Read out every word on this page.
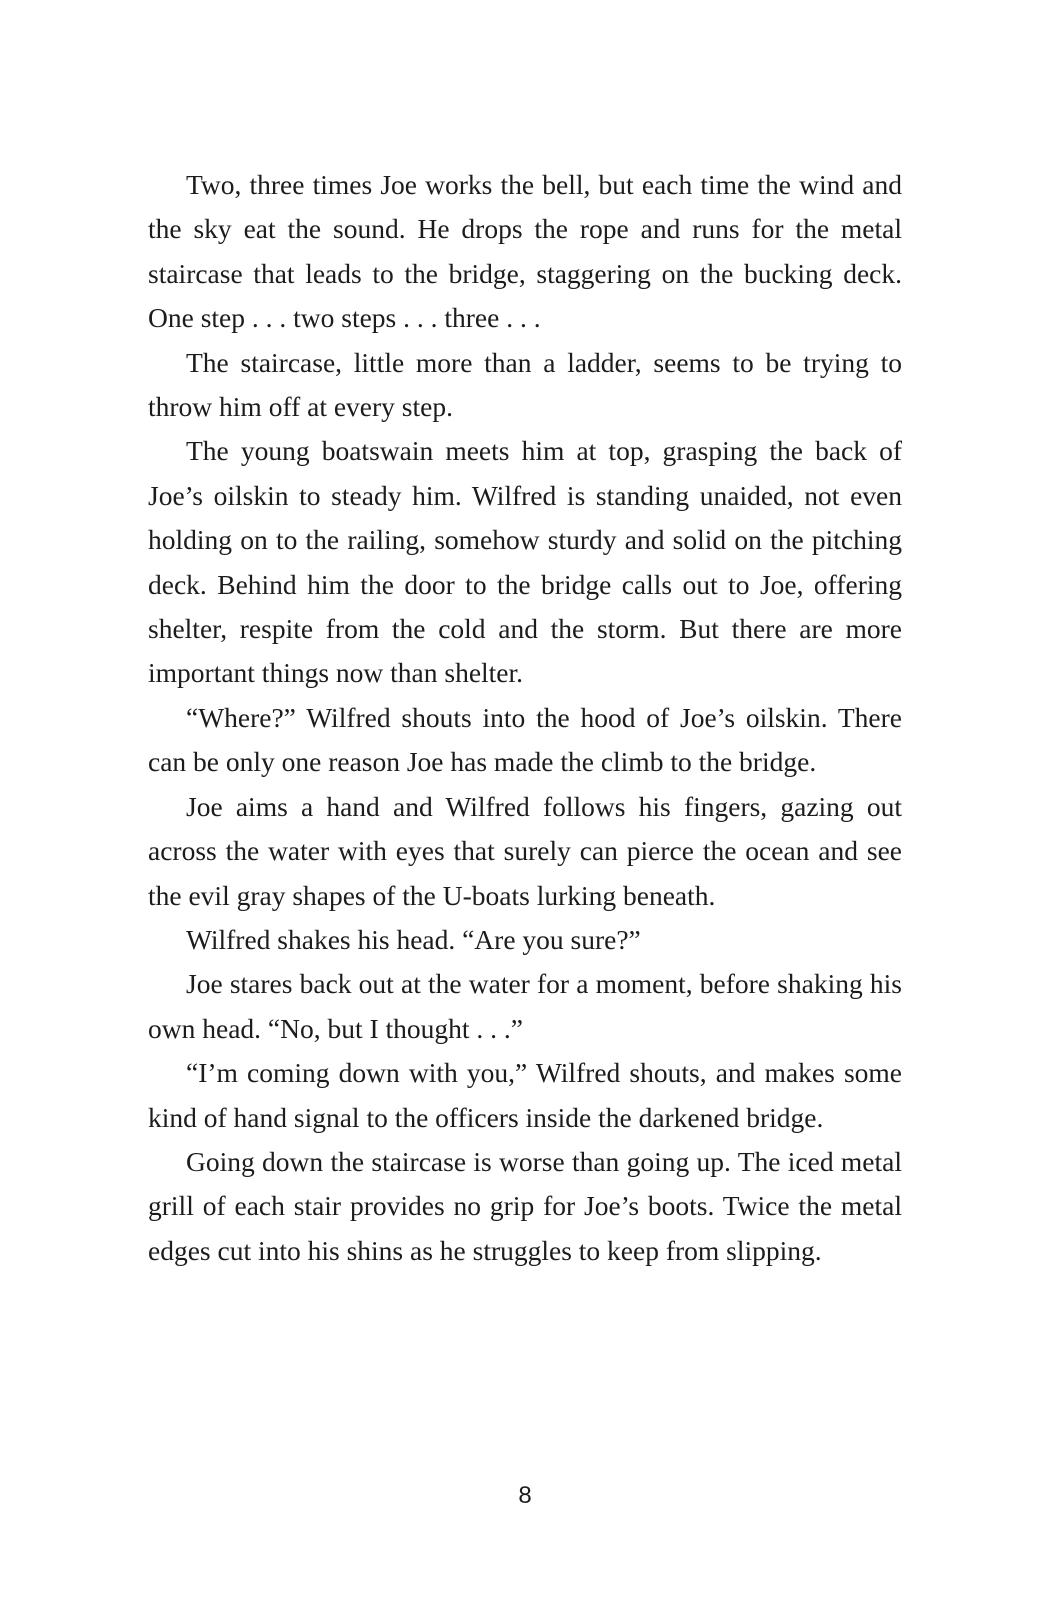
Two, three times Joe works the bell, but each time the wind and the sky eat the sound. He drops the rope and runs for the metal staircase that leads to the bridge, staggering on the bucking deck. One step . . . two steps . . . three . . .

The staircase, little more than a ladder, seems to be trying to throw him off at every step.

The young boatswain meets him at top, grasping the back of Joe’s oilskin to steady him. Wilfred is standing unaided, not even holding on to the railing, somehow sturdy and solid on the pitching deck. Behind him the door to the bridge calls out to Joe, offering shelter, respite from the cold and the storm. But there are more important things now than shelter.

“Where?” Wilfred shouts into the hood of Joe’s oilskin. There can be only one reason Joe has made the climb to the bridge.

Joe aims a hand and Wilfred follows his fingers, gazing out across the water with eyes that surely can pierce the ocean and see the evil gray shapes of the U-boats lurking beneath.

Wilfred shakes his head. “Are you sure?”

Joe stares back out at the water for a moment, before shaking his own head. “No, but I thought . . .”

“I’m coming down with you,” Wilfred shouts, and makes some kind of hand signal to the officers inside the darkened bridge.

Going down the staircase is worse than going up. The iced metal grill of each stair provides no grip for Joe’s boots. Twice the metal edges cut into his shins as he struggles to keep from slipping.

8
